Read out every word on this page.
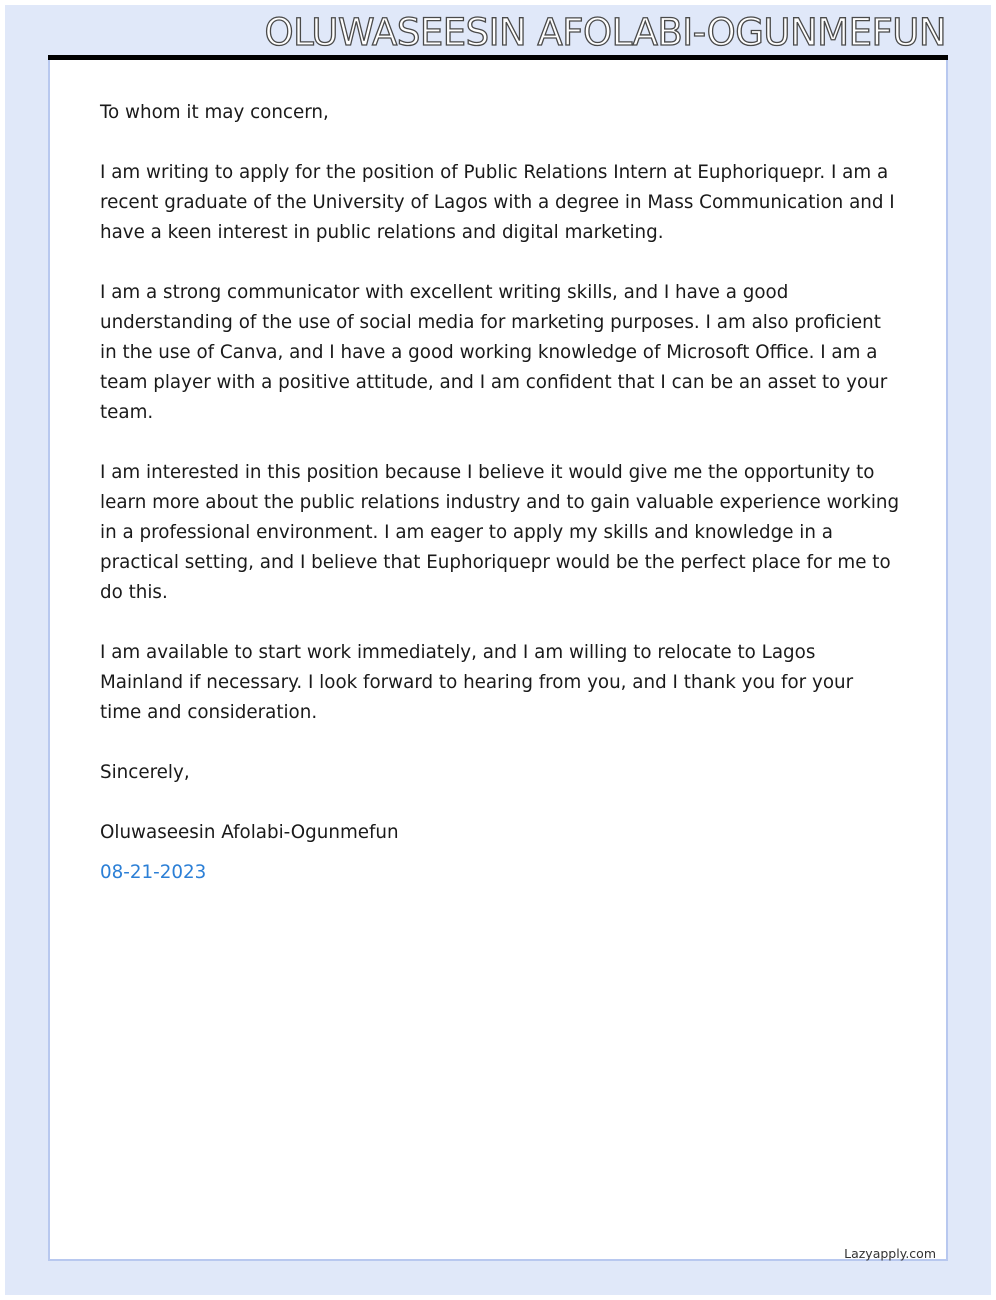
OLUWASEESIN AFOLABI-OGUNMEFUN

To whom it may concern,

I am writing to apply for the position of Public Relations Intern at Euphoriquepr. I am a recent graduate of the University of Lagos with a degree in Mass Communication and I have a keen interest in public relations and digital marketing.

I am a strong communicator with excellent writing skills, and I have a good understanding of the use of social media for marketing purposes. I am also proficient in the use of Canva, and I have a good working knowledge of Microsoft Office. I am a team player with a positive attitude, and I am confident that I can be an asset to your team.

I am interested in this position because I believe it would give me the opportunity to learn more about the public relations industry and to gain valuable experience working in a professional environment. I am eager to apply my skills and knowledge in a practical setting, and I believe that Euphoriquepr would be the perfect place for me to do this.

I am available to start work immediately, and I am willing to relocate to Lagos Mainland if necessary. I look forward to hearing from you, and I thank you for your time and consideration.

Sincerely,

Oluwaseesin Afolabi-Ogunmefun

08-21-2023

Lazyapply.com
